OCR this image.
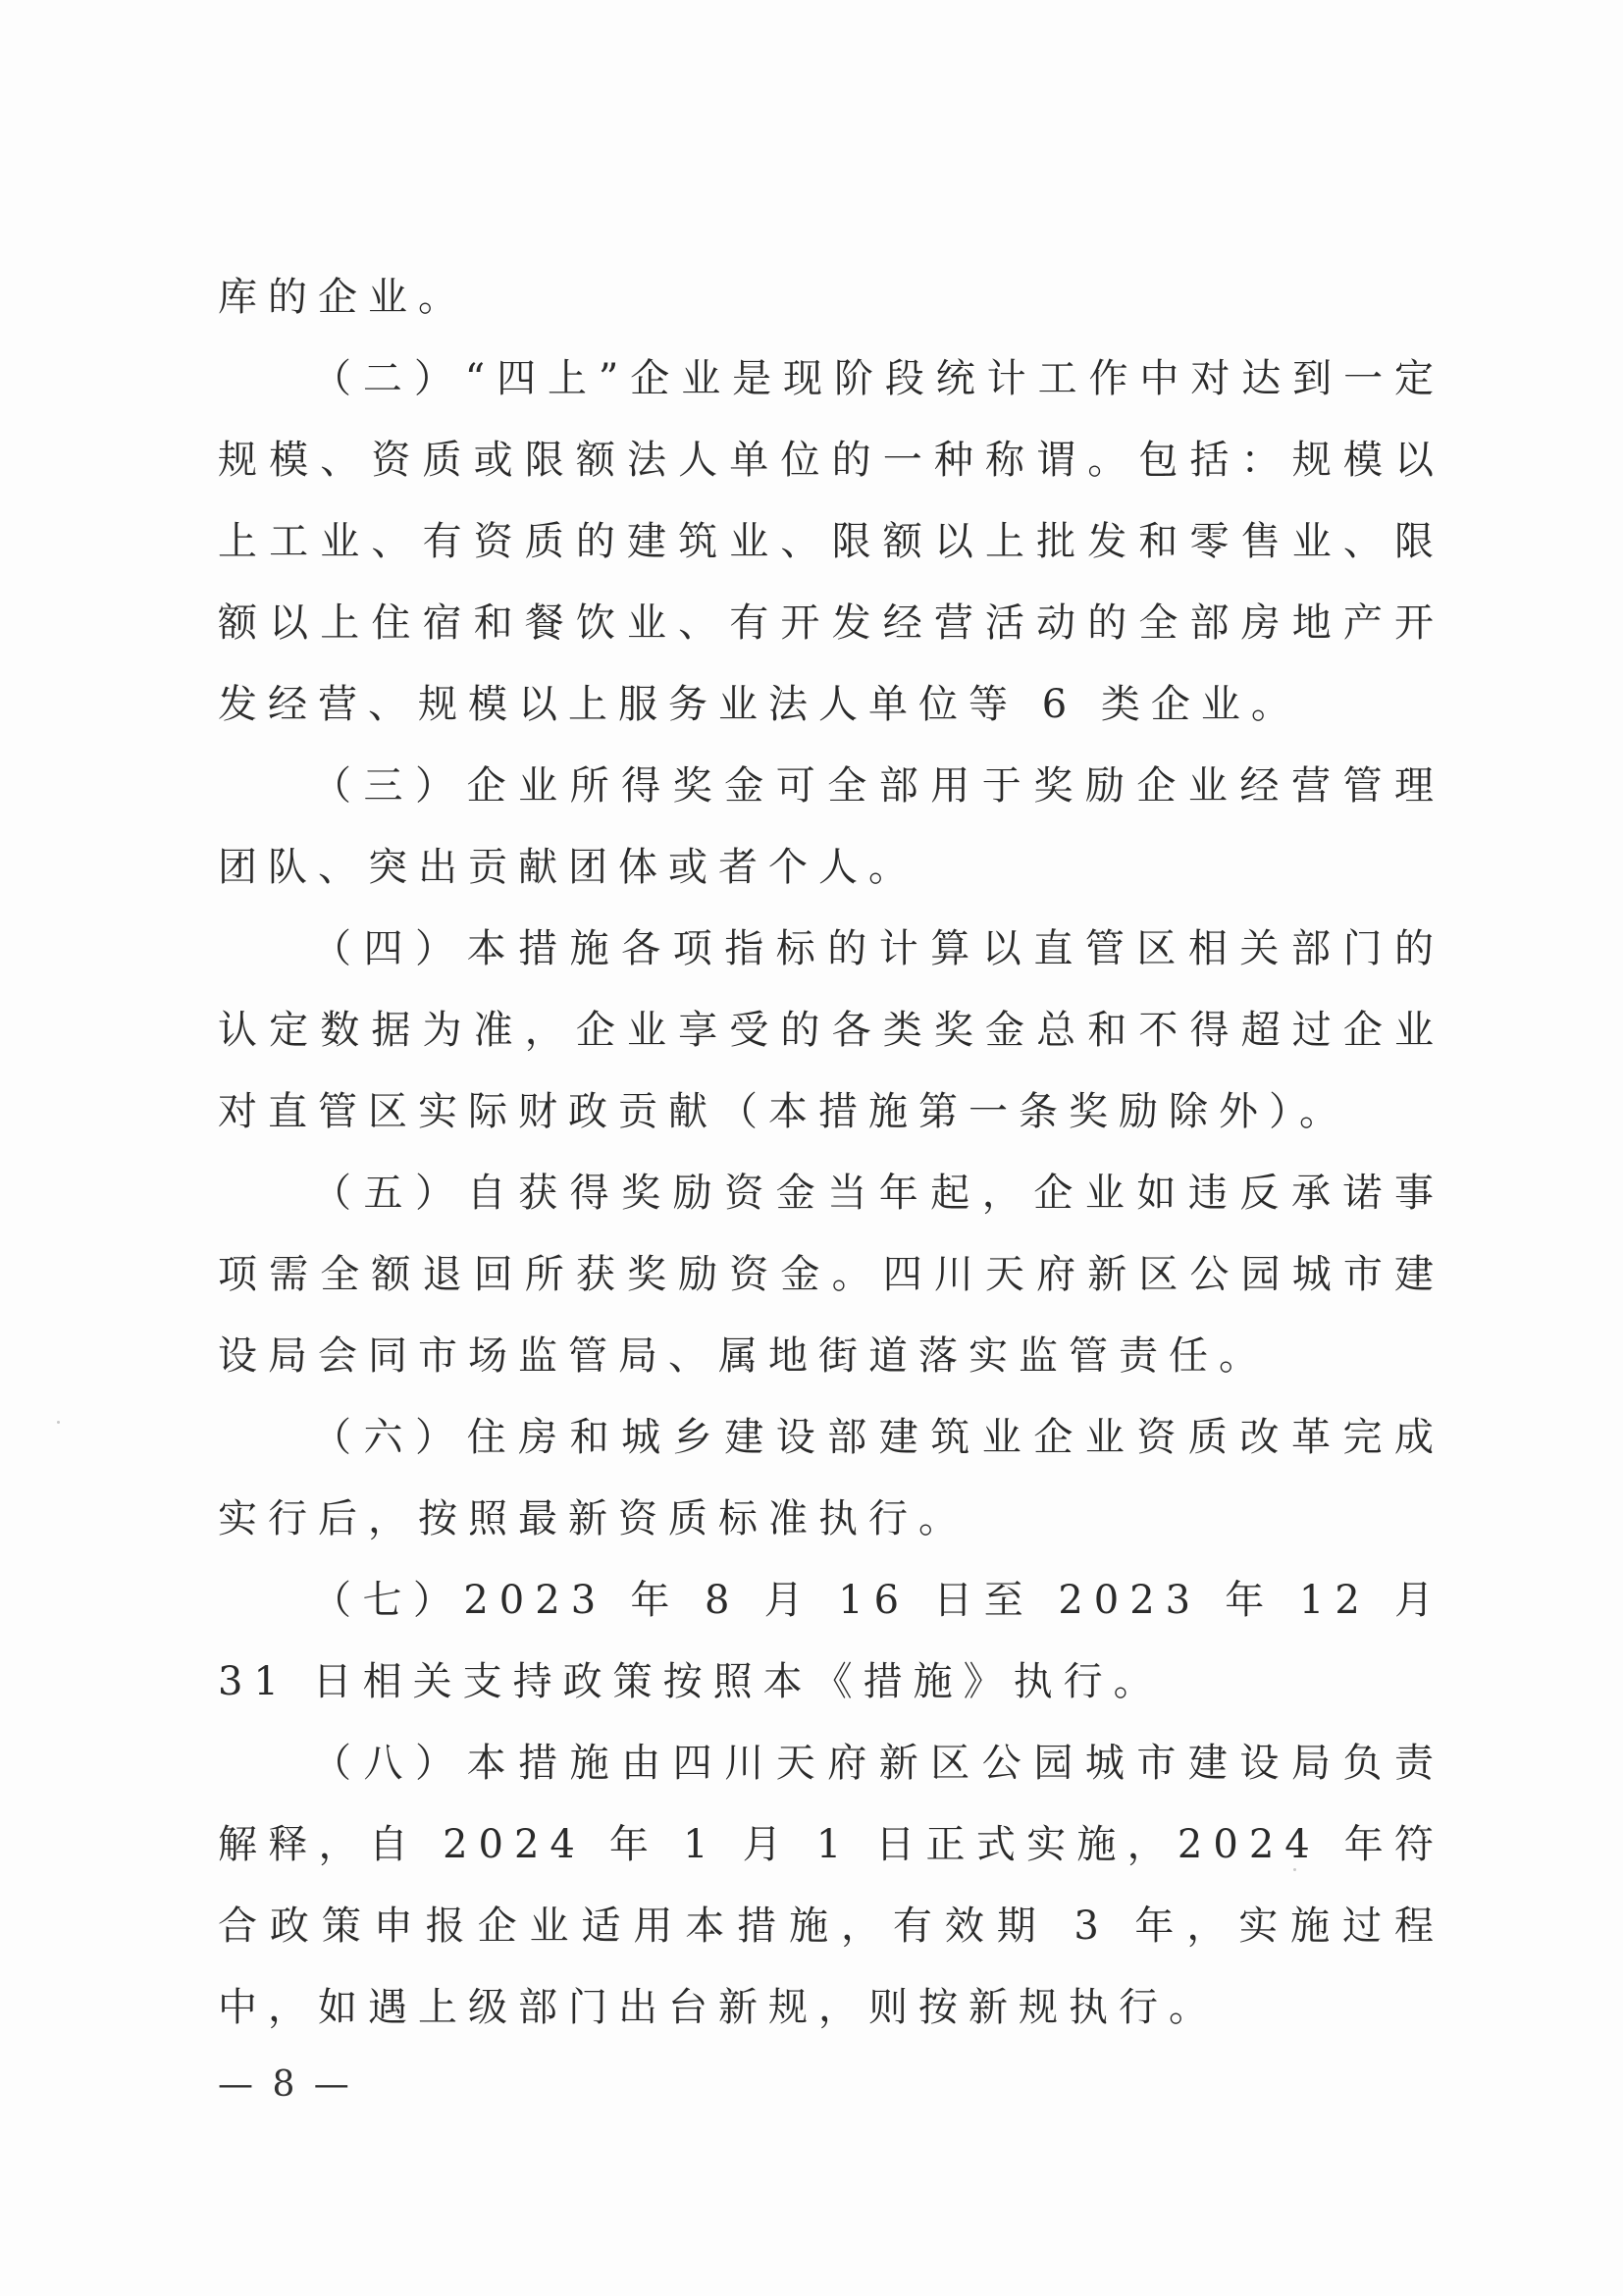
库的企业。

（二）“四上”企业是现阶段统计工作中对达到一定规模、资质或限额法人单位的一种称谓。包括：规模以上工业、有资质的建筑业、限额以上批发和零售业、限额以上住宿和餐饮业、有开发经营活动的全部房地产开发经营、规模以上服务业法人单位等 6 类企业。

（三）企业所得奖金可全部用于奖励企业经营管理团队、突出贡献团体或者个人。

（四）本措施各项指标的计算以直管区相关部门的认定数据为准，企业享受的各类奖金总和不得超过企业对直管区实际财政贡献（本措施第一条奖励除外）。

（五）自获得奖励资金当年起，企业如违反承诺事项需全额退回所获奖励资金。四川天府新区公园城市建设局会同市场监管局、属地街道落实监管责任。

（六）住房和城乡建设部建筑业企业资质改革完成实行后，按照最新资质标准执行。

（七）2023 年 8 月 16 日至 2023 年 12 月 31 日相关支持政策按照本《措施》执行。

（八）本措施由四川天府新区公园城市建设局负责解释，自 2024 年 1 月 1 日正式实施，2024 年符合政策申报企业适用本措施，有效期 3 年，实施过程中，如遇上级部门出台新规，则按新规执行。

— 8 —
